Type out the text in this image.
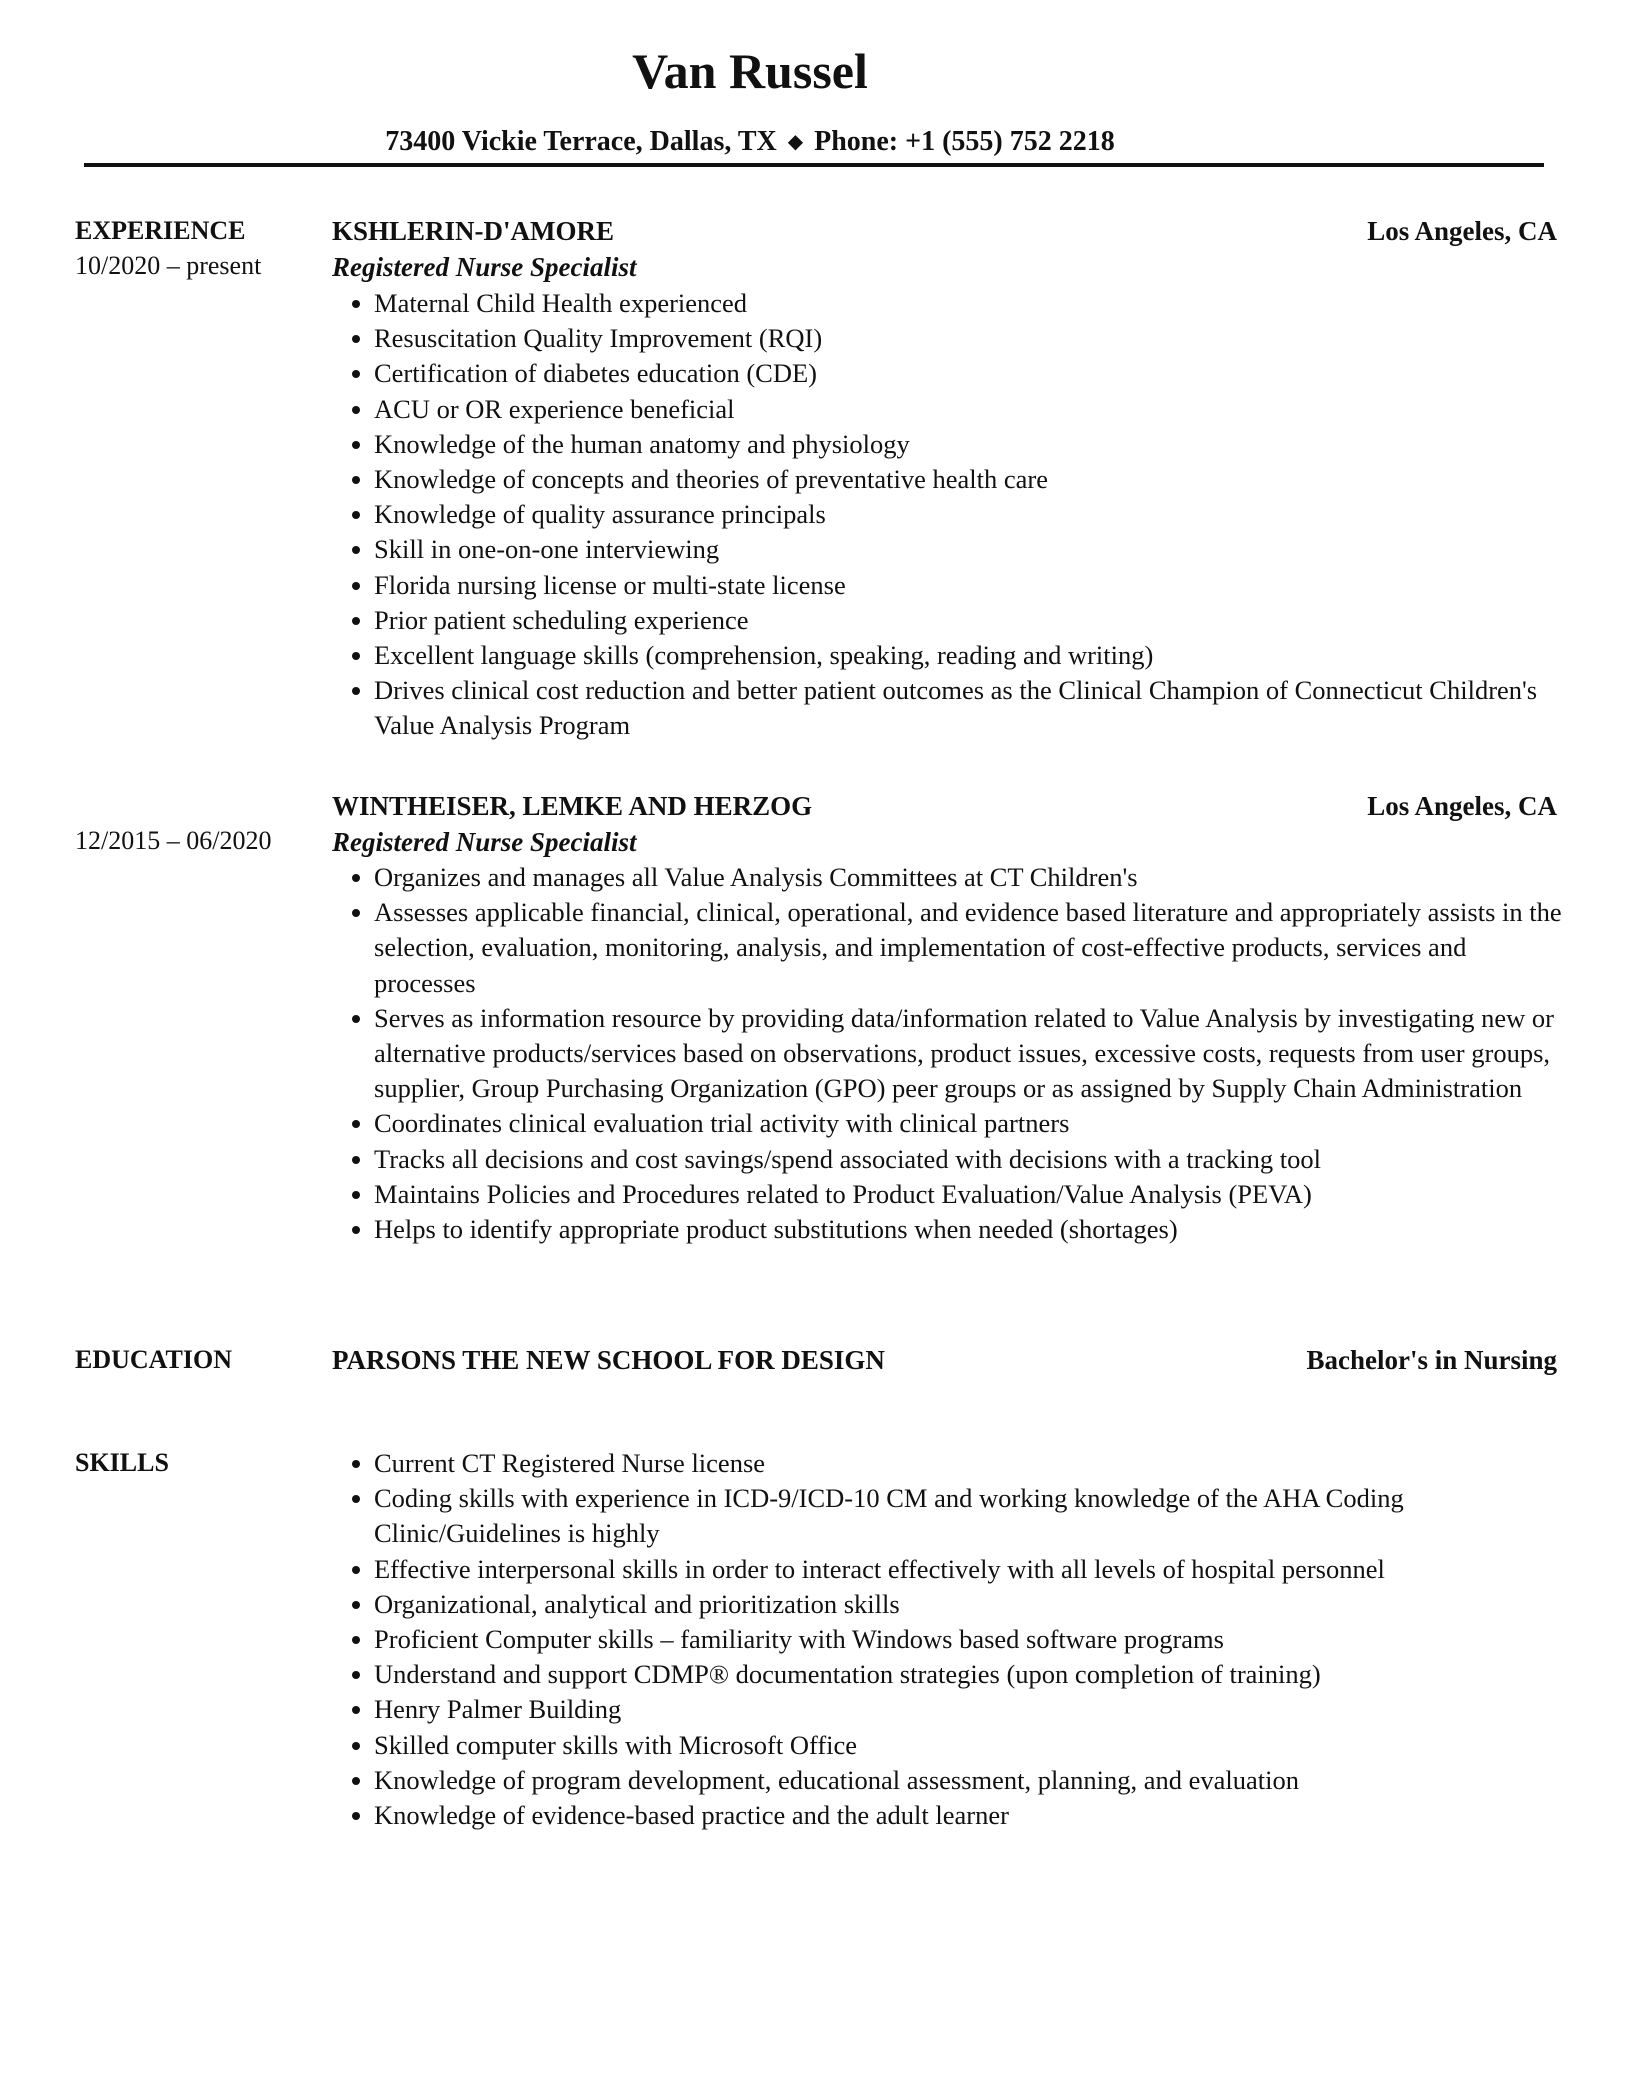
Van Russel
73400 Vickie Terrace, Dallas, TX ◆ Phone: +1 (555) 752 2218
EXPERIENCE
10/2020 – present
KSHLERIN-D'AMORE	Los Angeles, CA
Registered Nurse Specialist
Maternal Child Health experienced
Resuscitation Quality Improvement (RQI)
Certification of diabetes education (CDE)
ACU or OR experience beneficial
Knowledge of the human anatomy and physiology
Knowledge of concepts and theories of preventative health care
Knowledge of quality assurance principals
Skill in one-on-one interviewing
Florida nursing license or multi-state license
Prior patient scheduling experience
Excellent language skills (comprehension, speaking, reading and writing)
Drives clinical cost reduction and better patient outcomes as the Clinical Champion of Connecticut Children's Value Analysis Program
12/2015 – 06/2020
WINTHEISER, LEMKE AND HERZOG	Los Angeles, CA
Registered Nurse Specialist
Organizes and manages all Value Analysis Committees at CT Children's
Assesses applicable financial, clinical, operational, and evidence based literature and appropriately assists in the selection, evaluation, monitoring, analysis, and implementation of cost-effective products, services and processes
Serves as information resource by providing data/information related to Value Analysis by investigating new or alternative products/services based on observations, product issues, excessive costs, requests from user groups, supplier, Group Purchasing Organization (GPO) peer groups or as assigned by Supply Chain Administration
Coordinates clinical evaluation trial activity with clinical partners
Tracks all decisions and cost savings/spend associated with decisions with a tracking tool
Maintains Policies and Procedures related to Product Evaluation/Value Analysis (PEVA)
Helps to identify appropriate product substitutions when needed (shortages)
EDUCATION	PARSONS THE NEW SCHOOL FOR DESIGN	Bachelor's in Nursing
SKILLS	Current CT Registered Nurse license
Coding skills with experience in ICD-9/ICD-10 CM and working knowledge of the AHA Coding Clinic/Guidelines is highly
Effective interpersonal skills in order to interact effectively with all levels of hospital personnel
Organizational, analytical and prioritization skills
Proficient Computer skills – familiarity with Windows based software programs
Understand and support CDMP® documentation strategies (upon completion of training)
Henry Palmer Building
Skilled computer skills with Microsoft Office
Knowledge of program development, educational assessment, planning, and evaluation
Knowledge of evidence-based practice and the adult learner
